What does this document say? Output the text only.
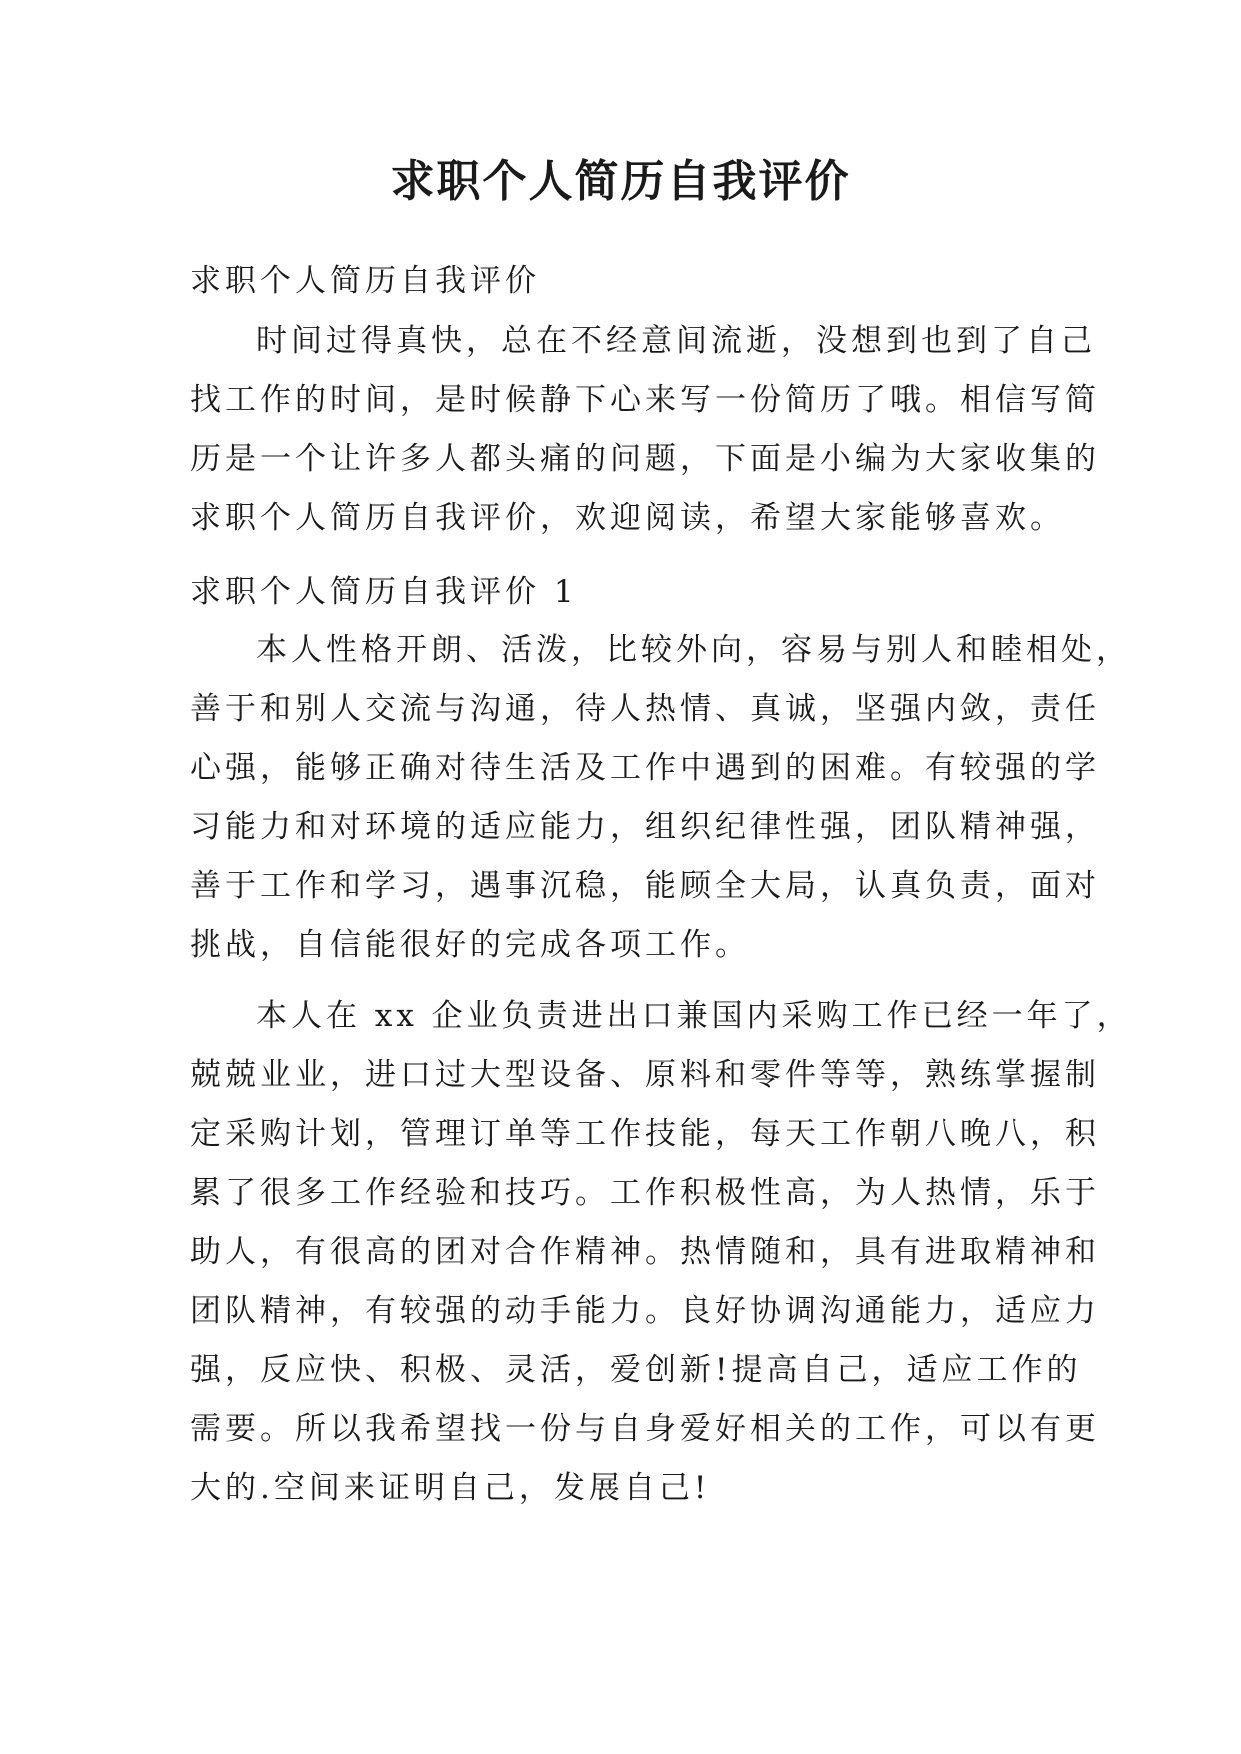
求职个人简历自我评价
求职个人简历自我评价
时间过得真快，总在不经意间流逝，没想到也到了自己
找工作的时间，是时候静下心来写一份简历了哦。相信写简
历是一个让许多人都头痛的问题，下面是小编为大家收集的
求职个人简历自我评价，欢迎阅读，希望大家能够喜欢。
求职个人简历自我评价 1
本人性格开朗、活泼，比较外向，容易与别人和睦相处，
善于和别人交流与沟通，待人热情、真诚，坚强内敛，责任
心强，能够正确对待生活及工作中遇到的困难。有较强的学
习能力和对环境的适应能力，组织纪律性强，团队精神强，
善于工作和学习，遇事沉稳，能顾全大局，认真负责，面对
挑战，自信能很好的完成各项工作。
本人在 xx 企业负责进出口兼国内采购工作已经一年了，
兢兢业业，进口过大型设备、原料和零件等等，熟练掌握制
定采购计划，管理订单等工作技能，每天工作朝八晚八，积
累了很多工作经验和技巧。工作积极性高，为人热情，乐于
助人，有很高的团对合作精神。热情随和，具有进取精神和
团队精神，有较强的动手能力。良好协调沟通能力，适应力
强，反应快、积极、灵活，爱创新!提高自己，适应工作的
需要。所以我希望找一份与自身爱好相关的工作，可以有更
大的.空间来证明自己，发展自己!
